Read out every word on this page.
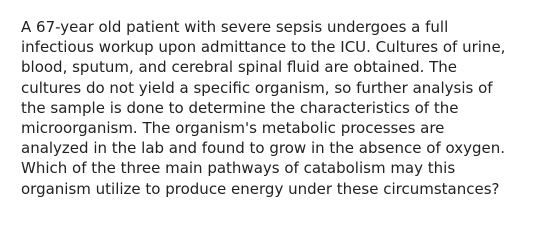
A 67-year old patient with severe sepsis undergoes a full
infectious workup upon admittance to the ICU. Cultures of urine,
blood, sputum, and cerebral spinal fluid are obtained. The
cultures do not yield a specific organism, so further analysis of
the sample is done to determine the characteristics of the
microorganism. The organism's metabolic processes are
analyzed in the lab and found to grow in the absence of oxygen.
Which of the three main pathways of catabolism may this
organism utilize to produce energy under these circumstances?
